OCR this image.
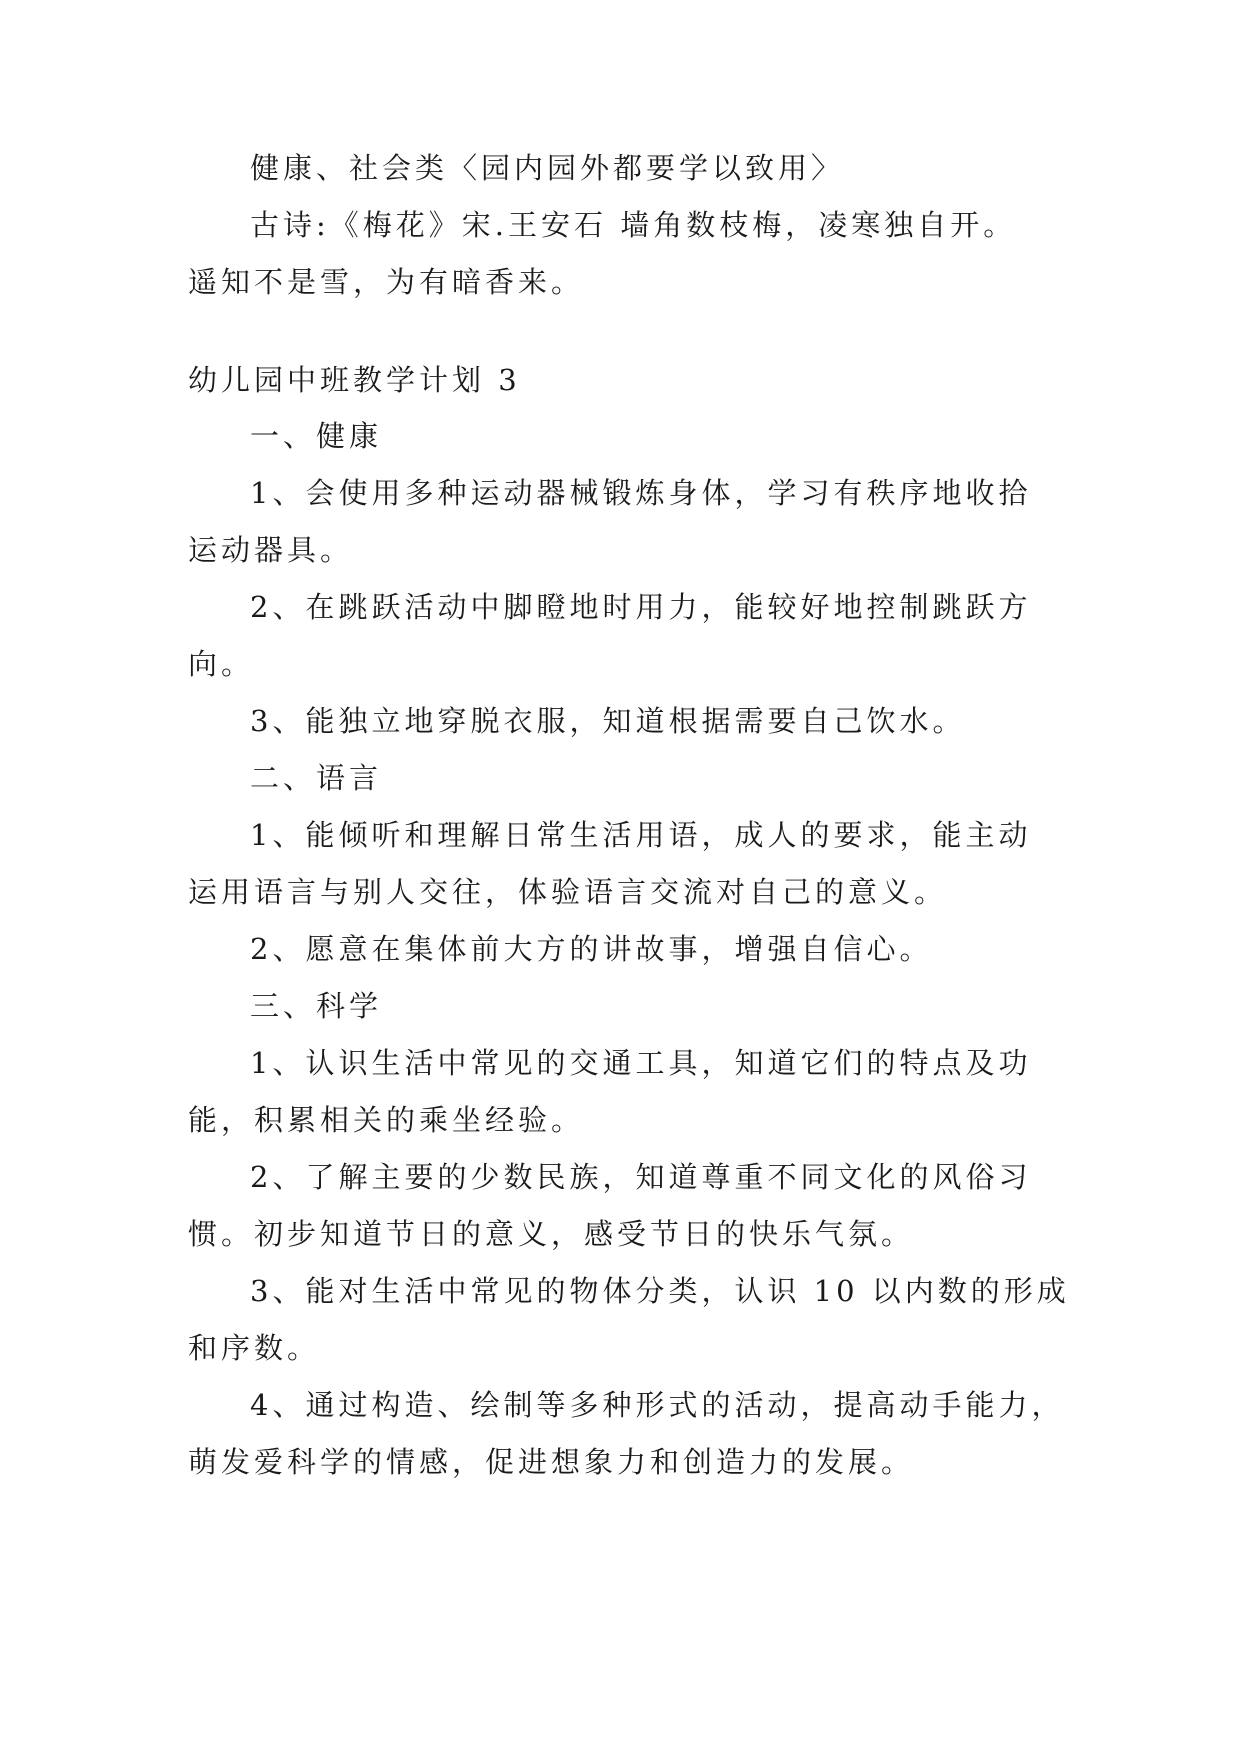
健康、社会类〈园内园外都要学以致用〉
古诗:《梅花》宋.王安石 墙角数枝梅，凌寒独自开。
遥知不是雪，为有暗香来。
幼儿园中班教学计划 3
一、健康
1、会使用多种运动器械锻炼身体，学习有秩序地收拾
运动器具。
2、在跳跃活动中脚瞪地时用力，能较好地控制跳跃方
向。
3、能独立地穿脱衣服，知道根据需要自己饮水。
二、语言
1、能倾听和理解日常生活用语，成人的要求，能主动
运用语言与别人交往，体验语言交流对自己的意义。
2、愿意在集体前大方的讲故事，增强自信心。
三、科学
1、认识生活中常见的交通工具，知道它们的特点及功
能，积累相关的乘坐经验。
2、了解主要的少数民族，知道尊重不同文化的风俗习
惯。初步知道节日的意义，感受节日的快乐气氛。
3、能对生活中常见的物体分类，认识 10 以内数的形成
和序数。
4、通过构造、绘制等多种形式的活动，提高动手能力，
萌发爱科学的情感，促进想象力和创造力的发展。
